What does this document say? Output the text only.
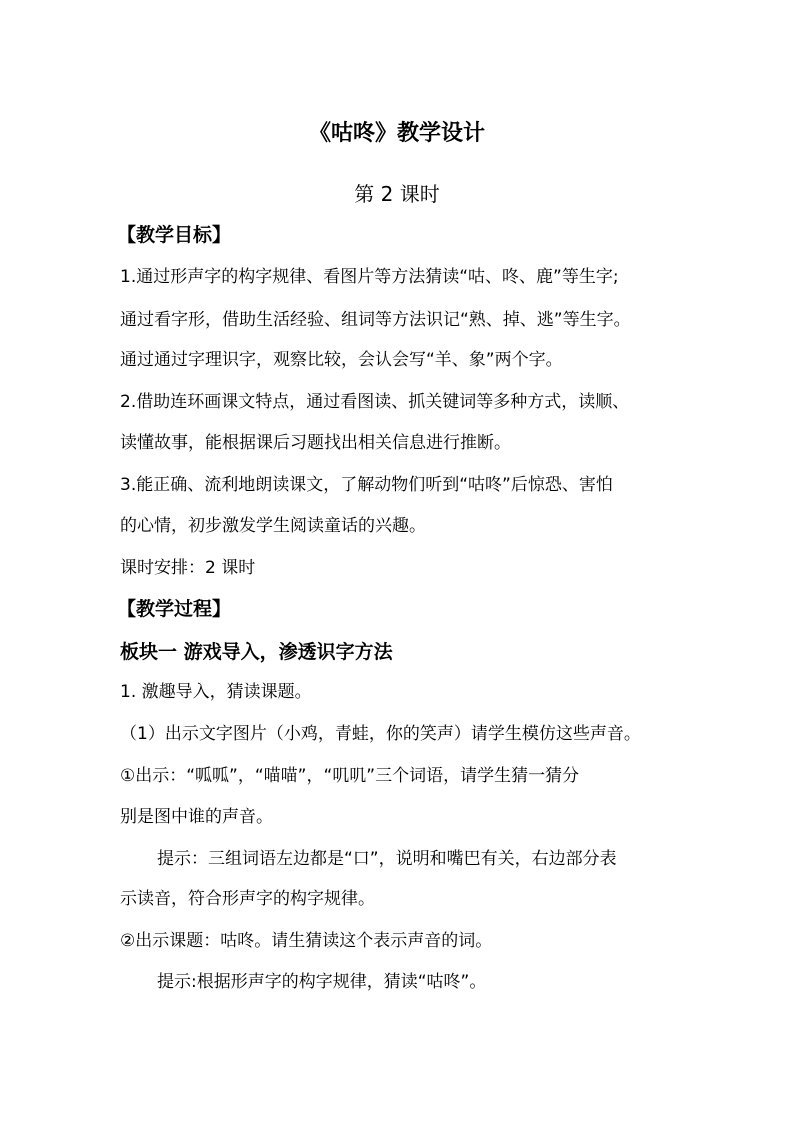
《咕咚》教学设计
第 2 课时
【教学目标】
1.通过形声字的构字规律、看图片等方法猜读“咕、咚、鹿”等生字;
通过看字形，借助生活经验、组词等方法识记“熟、掉、逃”等生字。
通过通过字理识字，观察比较，会认会写“羊、象”两个字。
2.借助连环画课文特点，通过看图读、抓关键词等多种方式，读顺、
读懂故事，能根据课后习题找出相关信息进行推断。
3.能正确、流利地朗读课文，了解动物们听到“咕咚”后惊恐、害怕
的心情，初步激发学生阅读童话的兴趣。
课时安排：2 课时
【教学过程】
板块一 游戏导入，渗透识字方法
1. 激趣导入，猜读课题。
（1）出示文字图片（小鸡，青蛙，你的笑声）请学生模仿这些声音。
①出示：“呱呱”，“喵喵”，“叽叽”三个词语，请学生猜一猜分
别是图中谁的声音。
提示：三组词语左边都是“口”，说明和嘴巴有关，右边部分表
示读音，符合形声字的构字规律。
②出示课题：咕咚。请生猜读这个表示声音的词。
提示:根据形声字的构字规律，猜读“咕咚”。
